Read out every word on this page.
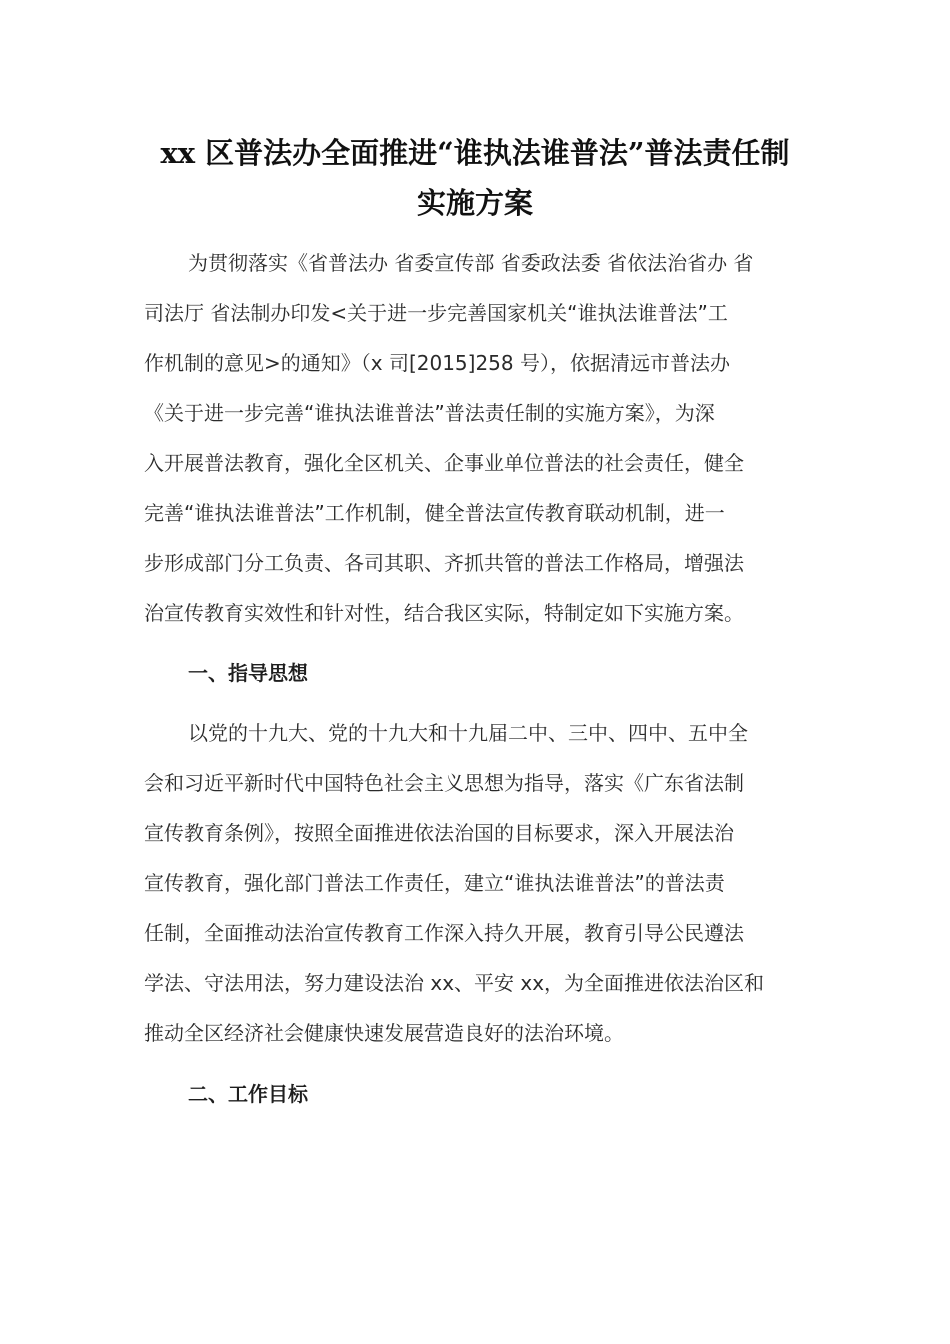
xx 区普法办全面推进“谁执法谁普法”普法责任制
实施方案
为贯彻落实《省普法办 省委宣传部 省委政法委 省依法治省办 省
司法厅 省法制办印发<关于进一步完善国家机关“谁执法谁普法”工
作机制的意见>的通知》（x 司[2015]258 号），依据清远市普法办
《关于进一步完善“谁执法谁普法”普法责任制的实施方案》，为深
入开展普法教育，强化全区机关、企事业单位普法的社会责任，健全
完善“谁执法谁普法”工作机制，健全普法宣传教育联动机制，进一
步形成部门分工负责、各司其职、齐抓共管的普法工作格局，增强法
治宣传教育实效性和针对性，结合我区实际，特制定如下实施方案。
一、指导思想
以党的十九大、党的十九大和十九届二中、三中、四中、五中全
会和习近平新时代中国特色社会主义思想为指导，落实《广东省法制
宣传教育条例》，按照全面推进依法治国的目标要求，深入开展法治
宣传教育，强化部门普法工作责任，建立“谁执法谁普法”的普法责
任制，全面推动法治宣传教育工作深入持久开展，教育引导公民遵法
学法、守法用法，努力建设法治 xx、平安 xx，为全面推进依法治区和
推动全区经济社会健康快速发展营造良好的法治环境。
二、工作目标
